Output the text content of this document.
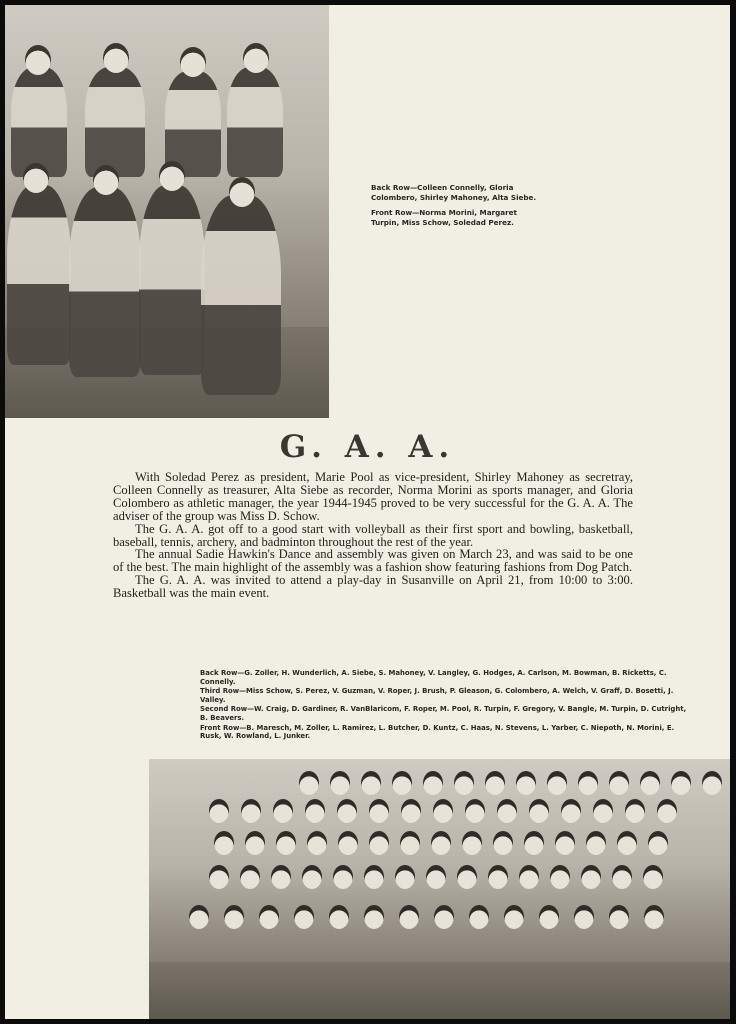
Back Row—Colleen Connelly, Gloria Colombero, Shirley Mahoney, Alta Siebe.

Front Row—Norma Morini, Margaret Turpin, Miss Schow, Soledad Perez.

G. A. A.

With Soledad Perez as president, Marie Pool as vice-president, Shirley Mahoney as secretray, Colleen Connelly as treasurer, Alta Siebe as recorder, Norma Morini as sports manager, and Gloria Colombero as athletic manager, the year 1944-1945 proved to be very successful for the G. A. A. The adviser of the group was Miss D. Schow.

The G. A. A. got off to a good start with volleyball as their first sport and bowling, basketball, baseball, tennis, archery, and badminton throughout the rest of the year.

The annual Sadie Hawkin's Dance and assembly was given on March 23, and was said to be one of the best. The main highlight of the assembly was a fashion show featuring fashions from Dog Patch.

The G. A. A. was invited to attend a play-day in Susanville on April 21, from 10:00 to 3:00. Basketball was the main event.

Back Row—G. Zoller, H. Wunderlich, A. Siebe, S. Mahoney, V. Langley, G. Hodges, A. Carlson, M. Bowman, B. Ricketts, C. Connelly.

Third Row—Miss Schow, S. Perez, V. Guzman, V. Roper, J. Brush, P. Gleason, G. Colombero, A. Welch, V. Graff, D. Bosetti, J. Valley.

Second Row—W. Craig, D. Gardiner, R. VanBlaricom, F. Roper, M. Pool, R. Turpin, F. Gregory, V. Bangle, M. Turpin, D. Cutright, B. Beavers.

Front Row—B. Maresch, M. Zoller, L. Ramirez, L. Butcher, D. Kuntz, C. Haas, N. Stevens, L. Yarber, C. Niepoth, N. Morini, E. Rusk, W. Rowland, L. Junker.
